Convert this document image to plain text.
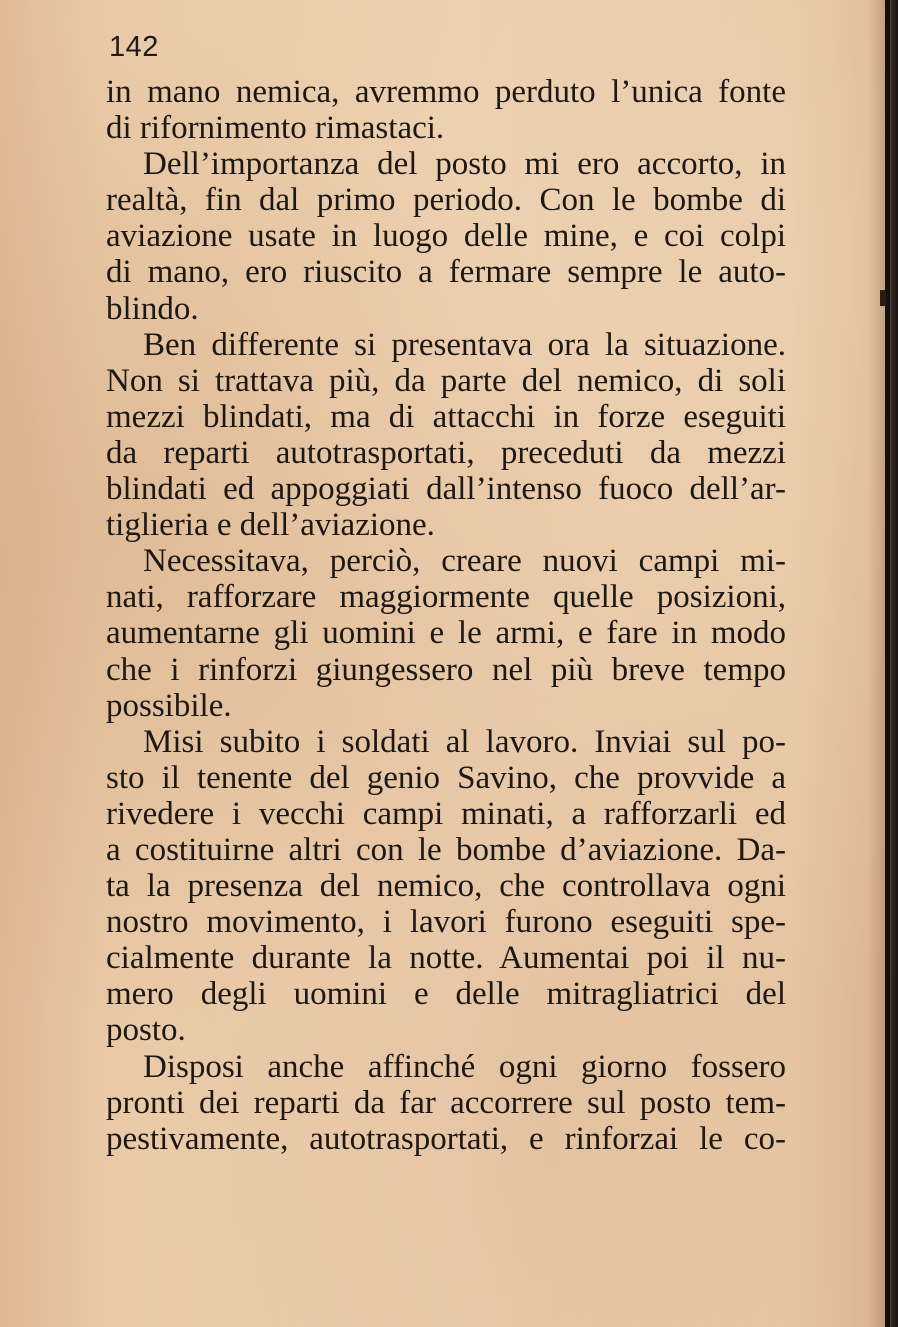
142
in mano nemica, avremmo perduto l’unica fonte
di rifornimento rimastaci.
Dell’importanza del posto mi ero accorto, in
realtà, fin dal primo periodo. Con le bombe di
aviazione usate in luogo delle mine, e coi colpi
di mano, ero riuscito a fermare sempre le auto-
blindo.
Ben differente si presentava ora la situazione.
Non si trattava più, da parte del nemico, di soli
mezzi blindati, ma di attacchi in forze eseguiti
da reparti autotrasportati, preceduti da mezzi
blindati ed appoggiati dall’intenso fuoco dell’ar-
tiglieria e dell’aviazione.
Necessitava, perciò, creare nuovi campi mi-
nati, rafforzare maggiormente quelle posizioni,
aumentarne gli uomini e le armi, e fare in modo
che i rinforzi giungessero nel più breve tempo
possibile.
Misi subito i soldati al lavoro. Inviai sul po-
sto il tenente del genio Savino, che provvide a
rivedere i vecchi campi minati, a rafforzarli ed
a costituirne altri con le bombe d’aviazione. Da-
ta la presenza del nemico, che controllava ogni
nostro movimento, i lavori furono eseguiti spe-
cialmente durante la notte. Aumentai poi il nu-
mero degli uomini e delle mitragliatrici del
posto.
Disposi anche affinché ogni giorno fossero
pronti dei reparti da far accorrere sul posto tem-
pestivamente, autotrasportati, e rinforzai le co-
